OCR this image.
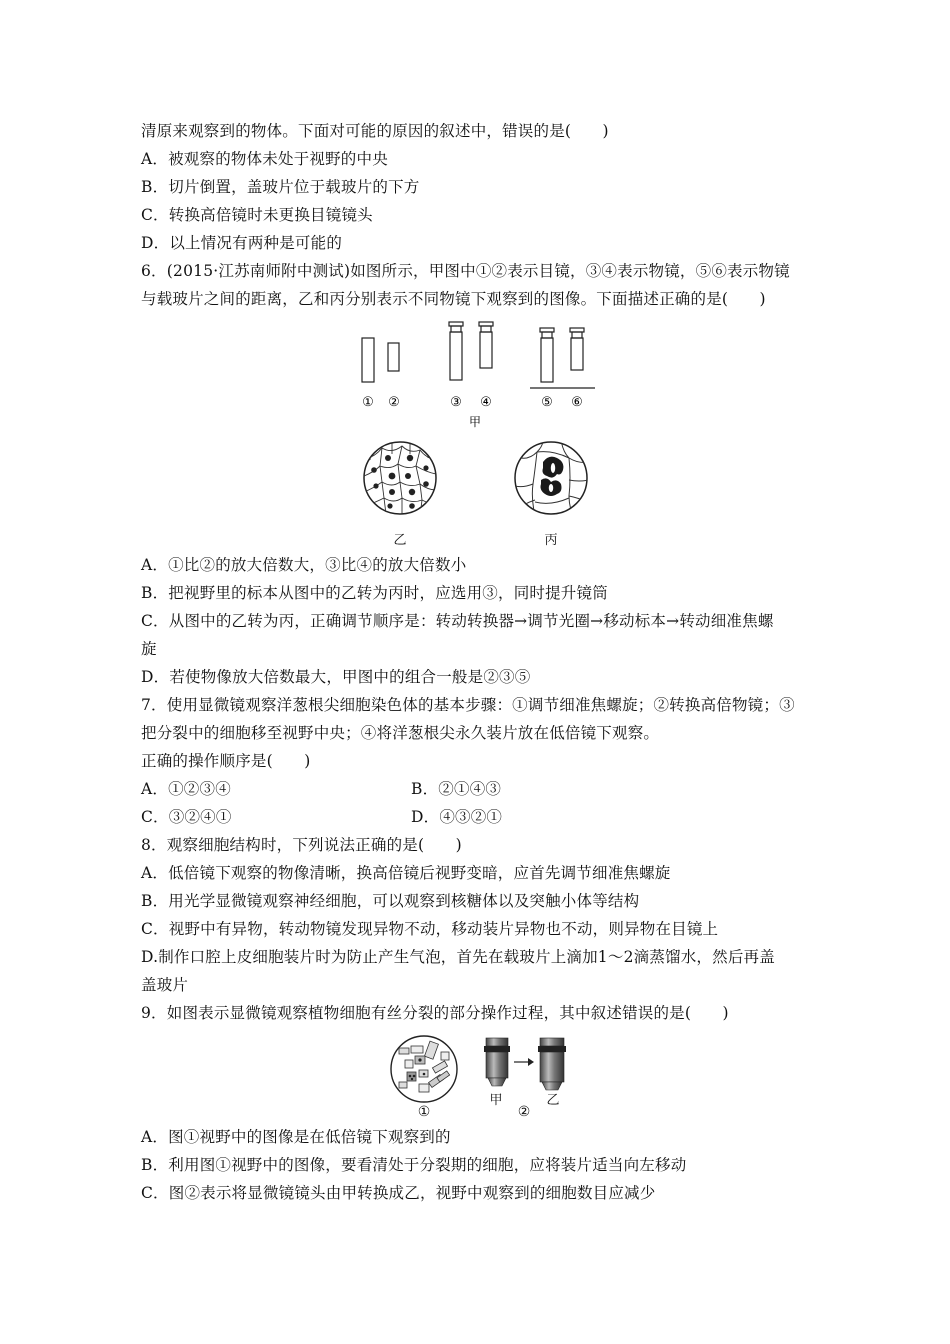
清原来观察到的物体。下面对可能的原因的叙述中，错误的是(　　)
A．被观察的物体未处于视野的中央
B．切片倒置，盖玻片位于载玻片的下方
C．转换高倍镜时未更换目镜镜头
D．以上情况有两种是可能的
6．(2015·江苏南师附中测试)如图所示，甲图中①②表示目镜，③④表示物镜，⑤⑥表示物镜
与载玻片之间的距离，乙和丙分别表示不同物镜下观察到的图像。下面描述正确的是(　　)
① ②	③ ④	⑤ ⑥
甲
乙	丙
A．①比②的放大倍数大，③比④的放大倍数小
B．把视野里的标本从图中的乙转为丙时，应选用③，同时提升镜筒
C．从图中的乙转为丙，正确调节顺序是：转动转换器→调节光圈→移动标本→转动细准焦螺
旋
D．若使物像放大倍数最大，甲图中的组合一般是②③⑤
7．使用显微镜观察洋葱根尖细胞染色体的基本步骤：①调节细准焦螺旋；②转换高倍物镜；③
把分裂中的细胞移至视野中央；④将洋葱根尖永久装片放在低倍镜下观察。
正确的操作顺序是(　　)
A．①②③④	B．②①④③
C．③②④①	D．④③②①
8．观察细胞结构时，下列说法正确的是(　　)
A．低倍镜下观察的物像清晰，换高倍镜后视野变暗，应首先调节细准焦螺旋
B．用光学显微镜观察神经细胞，可以观察到核糖体以及突触小体等结构
C．视野中有异物，转动物镜发现异物不动，移动装片异物也不动，则异物在目镜上
D.制作口腔上皮细胞装片时为防止产生气泡，首先在载玻片上滴加1～2滴蒸馏水，然后再盖
盖玻片
9．如图表示显微镜观察植物细胞有丝分裂的部分操作过程，其中叙述错误的是(　　)
①
甲	乙
②
A．图①视野中的图像是在低倍镜下观察到的
B．利用图①视野中的图像，要看清处于分裂期的细胞，应将装片适当向左移动
C．图②表示将显微镜镜头由甲转换成乙，视野中观察到的细胞数目应减少
